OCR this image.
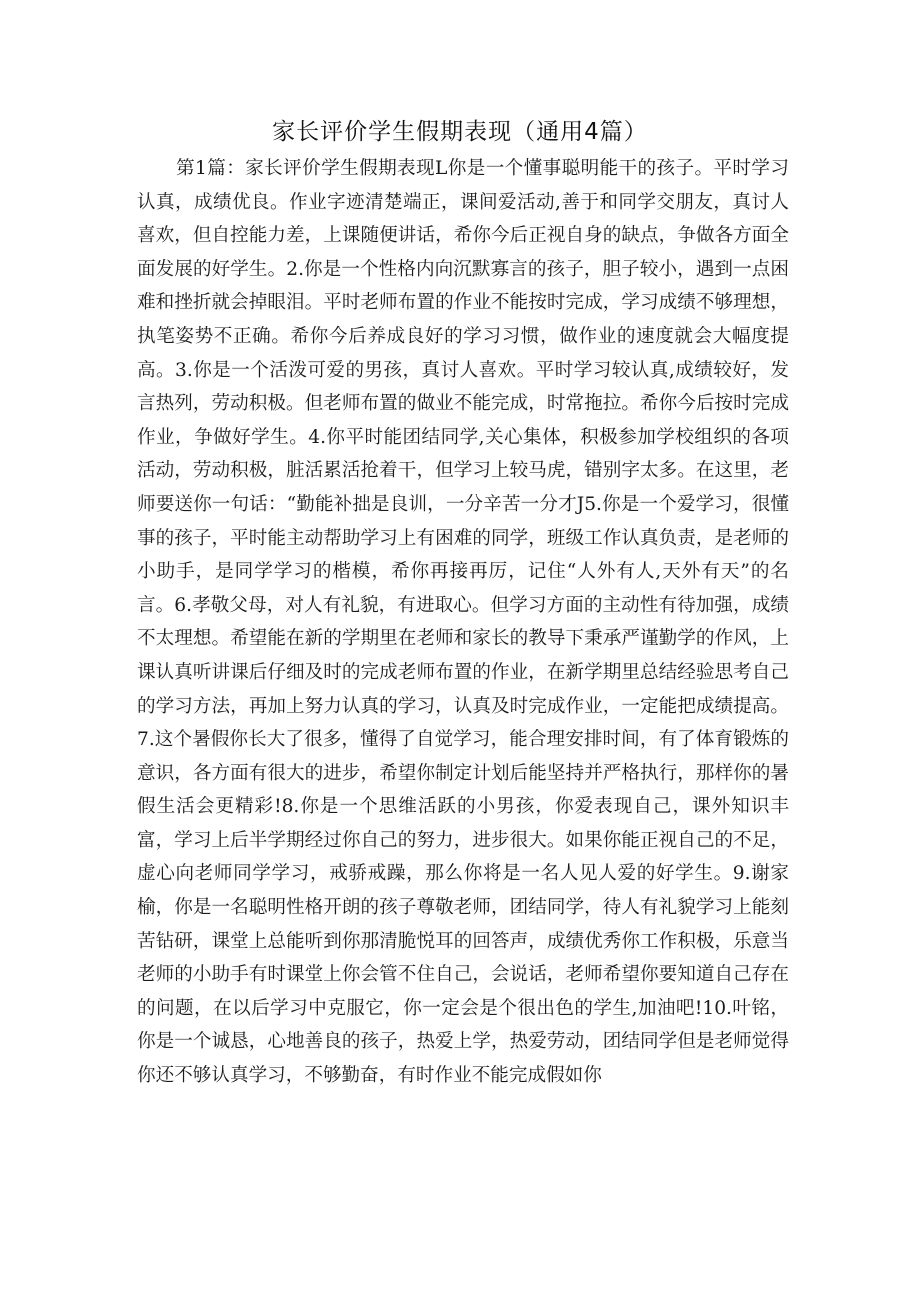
家长评价学生假期表现（通用4篇）

第1篇：家长评价学生假期表现L你是一个懂事聪明能干的孩子。平时学习认真，成绩优良。作业字迹清楚端正，课间爱活动,善于和同学交朋友，真讨人喜欢，但自控能力差，上课随便讲话，希你今后正视自身的缺点，争做各方面全面发展的好学生。2.你是一个性格内向沉默寡言的孩子，胆子较小，遇到一点困难和挫折就会掉眼泪。平时老师布置的作业不能按时完成，学习成绩不够理想，执笔姿势不正确。希你今后养成良好的学习习惯，做作业的速度就会大幅度提高。3.你是一个活泼可爱的男孩，真讨人喜欢。平时学习较认真,成绩较好，发言热列，劳动积极。但老师布置的做业不能完成，时常拖拉。希你今后按时完成作业，争做好学生。4.你平时能团结同学,关心集体，积极参加学校组织的各项活动，劳动积极，脏活累活抢着干，但学习上较马虎，错别字太多。在这里，老师要送你一句话：“勤能补拙是良训，一分辛苦一分才J5.你是一个爱学习，很懂事的孩子，平时能主动帮助学习上有困难的同学，班级工作认真负责，是老师的小助手，是同学学习的楷模，希你再接再厉，记住“人外有人,天外有天”的名言。6.孝敬父母，对人有礼貌，有进取心。但学习方面的主动性有待加强，成绩不太理想。希望能在新的学期里在老师和家长的教导下秉承严谨勤学的作风，上课认真听讲课后仔细及时的完成老师布置的作业，在新学期里总结经验思考自己的学习方法，再加上努力认真的学习，认真及时完成作业，一定能把成绩提高。7.这个暑假你长大了很多，懂得了自觉学习，能合理安排时间，有了体育锻炼的意识，各方面有很大的进步，希望你制定计划后能坚持并严格执行，那样你的暑假生活会更精彩!8.你是一个思维活跃的小男孩，你爱表现自己，课外知识丰富，学习上后半学期经过你自己的努力，进步很大。如果你能正视自己的不足，虚心向老师同学学习，戒骄戒躁，那么你将是一名人见人爱的好学生。9.谢家榆，你是一名聪明性格开朗的孩子尊敬老师，团结同学，待人有礼貌学习上能刻苦钻研，课堂上总能听到你那清脆悦耳的回答声，成绩优秀你工作积极，乐意当老师的小助手有时课堂上你会管不住自己，会说话，老师希望你要知道自己存在的问题，在以后学习中克服它，你一定会是个很出色的学生,加油吧!10.叶铭，你是一个诚恳，心地善良的孩子，热爱上学，热爱劳动，团结同学但是老师觉得你还不够认真学习，不够勤奋，有时作业不能完成假如你
